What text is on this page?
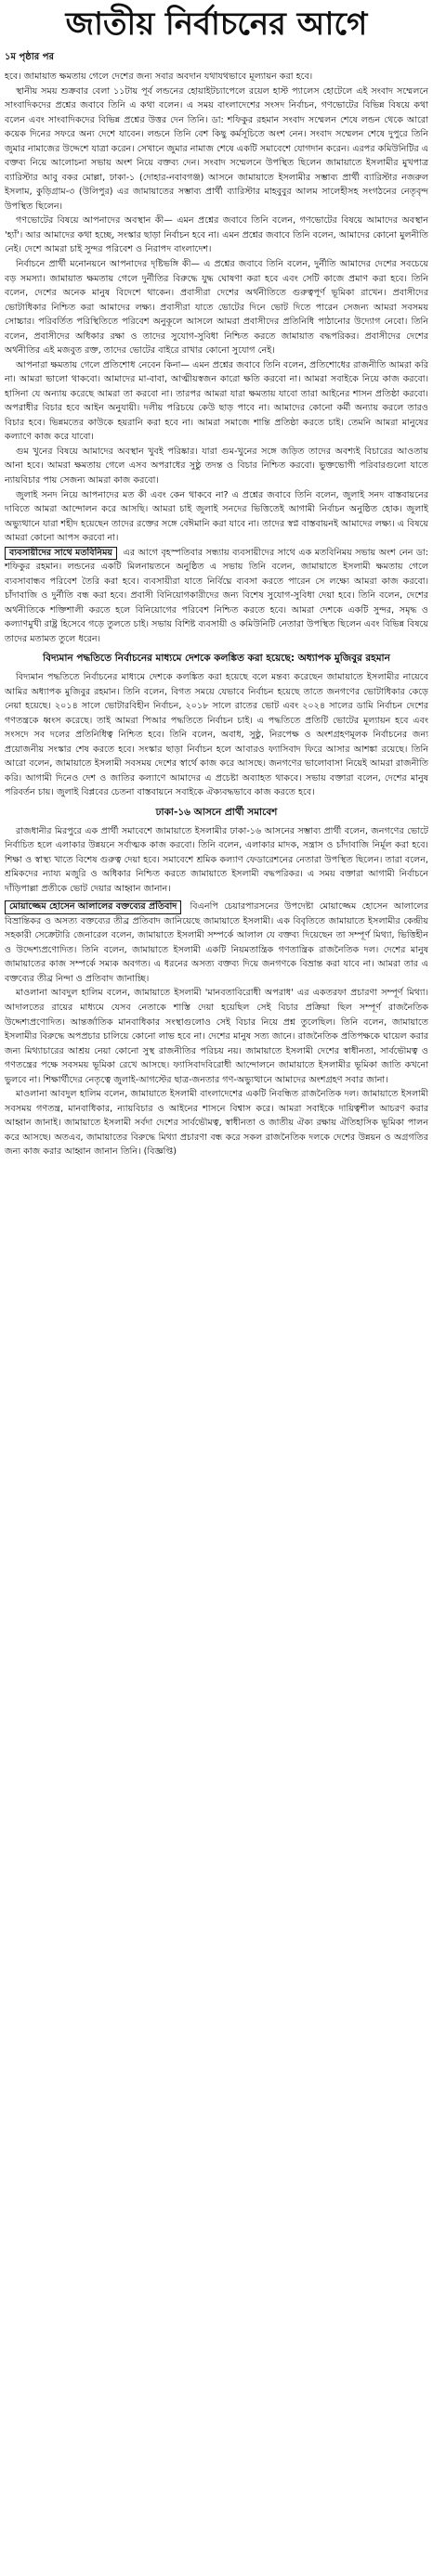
জাতীয় নির্বাচনের আগে
১ম পৃষ্ঠার পর

হবে। জামায়াত ক্ষমতায় গেলে দেশের জন্য সবার অবদান যথাযথভাবে মূল্যায়ন করা হবে।

স্থানীয় সময় শুক্রবার বেলা ১১টায় পূর্ব লন্ডনের হোয়াইটচ্যাপেলে রয়েল হাস্ট প্যালেস হোটেলে এই সংবাদ সম্মেলনে সাংবাদিকদের প্রশ্নের জবাবে তিনি এ কথা বলেন। এ সময় বাংলাদেশের সংসদ নির্বাচন, গণভোটের বিভিন্ন বিষয়ে কথা বলেন এবং সাংবাদিকদের বিভিন্ন প্রশ্নের উত্তর দেন তিনি। ডা: শফিকুর রহমান সংবাদ সম্মেলন শেষে লন্ডন থেকে আরো কয়েক দিনের সফরে অন্য দেশে যাবেন। লন্ডনে তিনি বেশ কিছু কর্মসূচিতে অংশ নেন। সংবাদ সম্মেলন শেষে দুপুরে তিনি জুমার নামাজের উদ্দেশে যাত্রা করেন। সেখানে জুমার নামাজ শেষে একটি সমাবেশে যোগদান করেন। এরপর কমিউনিটির এ বক্তব্য নিয়ে আলোচনা সভায় অংশ নিয়ে বক্তব্য দেন। সংবাদ সম্মেলনে উপস্থিত ছিলেন জামায়াতে ইসলামীর মুখপাত্র ব্যারিস্টার আবু বকর মোল্লা, ঢাকা-১ (দোহার-নবাবগঞ্জ) আসনে জামায়াতে ইসলামীর সম্ভাব্য প্রার্থী ব্যারিস্টার নজরুল ইসলাম, কুড়িগ্রাম-৩ (উলিপুর) এর জামায়াতের সম্ভাব্য প্রার্থী ব্যারিস্টার মাহবুবুর আলম সালেহীসহ সংগঠনের নেতৃবৃন্দ উপস্থিত ছিলেন।

গণভোটের বিষয়ে আপনাদের অবস্থান কী— এমন প্রশ্নের জবাবে তিনি বলেন, গণভোটের বিষয়ে আমাদের অবস্থান 'হ্যাঁ'। আর আমাদের কথা হচ্ছে, সংস্কার ছাড়া নির্বাচন হবে না। এমন প্রশ্নের জবাবে তিনি বলেন, আমাদের কোনো মুলনীতি নেই। দেশে আমরা চাই সুন্দর পরিবেশ ও নিরাপদ বাংলাদেশ।

নির্বাচনে প্রার্থী মনোনয়নে আপনাদের দৃষ্টিভঙ্গি কী— এ প্রশ্নের জবাবে তিনি বলেন, দুর্নীতি আমাদের দেশের সবচেয়ে বড় সমস্যা। জামায়াত ক্ষমতায় গেলে দুর্নীতির বিরুদ্ধে যুদ্ধ ঘোষণা করা হবে এবং সেটি কাজে প্রমাণ করা হবে। তিনি বলেন, দেশের অনেক মানুষ বিদেশে থাকেন। প্রবাসীরা দেশের অর্থনীতিতে গুরুত্বপূর্ণ ভূমিকা রাখেন। প্রবাসীদের ভোটাধিকার নিশ্চিত করা আমাদের লক্ষ্য। প্রবাসীরা যাতে ভোটের দিনে ভোট দিতে পারেন সেজন্য আমরা সবসময় সোচ্চার। পরিবর্তিত পরিস্থিতিতে পরিবেশ অনুকূলে আসলে আমরা প্রবাসীদের প্রতিনিধি পাঠানোর উদ্যোগ নেবো। তিনি বলেন, প্রবাসীদের অধিকার রক্ষা ও তাদের সুযোগ-সুবিধা নিশ্চিত করতে জামায়াত বদ্ধপরিকর। প্রবাসীদের দেশের অর্থনীতির এই মজবুত রক্ত, তাদের ভোটের বাইরে রাখার কোনো সুযোগ নেই।

আপনারা ক্ষমতায় গেলে প্রতিশোধ নেবেন কিনা— এমন প্রশ্নের জবাবে তিনি বলেন, প্রতিশোধের রাজনীতি আমরা করি না। আমরা ভালো থাকবো। আমাদের মা-বাবা, আত্মীয়স্বজন কারো ক্ষতি করবো না। আমরা সবাইকে নিয়ে কাজ করবো। হাসিনা যে অন্যায় করেছে আমরা তা করবো না। তারপর আমরা যারা ক্ষমতায় যাবো তারা আইনের শাসন প্রতিষ্ঠা করবো। অপরাধীর বিচার হবে আইন অনুযায়ী। দলীয় পরিচয়ে কেউ ছাড় পাবে না। আমাদের কোনো কর্মী অন্যায় করলে তারও বিচার হবে। ভিন্নমতের কাউকে হয়রানি করা হবে না। আমরা সমাজে শান্তি প্রতিষ্ঠা করতে চাই। তেমনি আমরা মানুষের কল্যাণে কাজ করে যাবো।

গুম খুনের বিষয়ে আমাদের অবস্থান খুবই পরিষ্কার। যারা গুম-খুনের সঙ্গে জড়িত তাদের অবশ্যই বিচারের আওতায় আনা হবে। আমরা ক্ষমতায় গেলে এসব অপরাধের সুষ্ঠু তদন্ত ও বিচার নিশ্চিত করবো। ভুক্তভোগী পরিবারগুলো যাতে ন্যায়বিচার পায় সেজন্য আমরা কাজ করবো।

জুলাই সনদ নিয়ে আপনাদের মত কী এবং কেন থাকবে না? এ প্রশ্নের জবাবে তিনি বলেন, জুলাই সনদ বাস্তবায়নের দাবিতে আমরা আন্দোলন করে আসছি। আমরা চাই জুলাই সনদের ভিত্তিতেই আগামী নির্বাচন অনুষ্ঠিত হোক। জুলাই অভ্যুত্থানে যারা শহীদ হয়েছেন তাদের রক্তের সঙ্গে বেঈমানি করা যাবে না। তাদের স্বপ্ন বাস্তবায়নই আমাদের লক্ষ্য। এ বিষয়ে আমরা কোনো আপস করবো না।

ব্যবসায়ীদের সাথে মতবিনিময় এর আগে বৃহস্পতিবার সন্ধ্যায় ব্যবসায়ীদের সাথে এক মতবিনিময় সভায় অংশ নেন ডা: শফিকুর রহমান। লন্ডনের একটি মিলনায়তনে অনুষ্ঠিত এ সভায় তিনি বলেন, জামায়াতে ইসলামী ক্ষমতায় গেলে ব্যবসাবান্ধব পরিবেশ তৈরি করা হবে। ব্যবসায়ীরা যাতে নির্বিঘ্নে ব্যবসা করতে পারেন সে লক্ষ্যে আমরা কাজ করবো। চাঁদাবাজি ও দুর্নীতি বন্ধ করা হবে। প্রবাসী বিনিয়োগকারীদের জন্য বিশেষ সুযোগ-সুবিধা দেয়া হবে। তিনি বলেন, দেশের অর্থনীতিকে শক্তিশালী করতে হলে বিনিয়োগের পরিবেশ নিশ্চিত করতে হবে। আমরা দেশকে একটি সুন্দর, সমৃদ্ধ ও কল্যাণমুখী রাষ্ট্র হিসেবে গড়ে তুলতে চাই। সভায় বিশিষ্ট ব্যবসায়ী ও কমিউনিটি নেতারা উপস্থিত ছিলেন এবং বিভিন্ন বিষয়ে তাদের মতামত তুলে ধরেন।

বিদ্যমান পদ্ধতিতে নির্বাচনের মাধ্যমে দেশকে কলঙ্কিত করা হয়েছে: অধ্যাপক মুজিবুর রহমান

বিদ্যমান পদ্ধতিতে নির্বাচনের মাধ্যমে দেশকে কলঙ্কিত করা হয়েছে বলে মন্তব্য করেছেন জামায়াতে ইসলামীর নায়েবে আমির অধ্যাপক মুজিবুর রহমান। তিনি বলেন, বিগত সময়ে যেভাবে নির্বাচন হয়েছে তাতে জনগণের ভোটাধিকার কেড়ে নেয়া হয়েছে। ২০১৪ সালে ভোটারবিহীন নির্বাচন, ২০১৮ সালে রাতের ভোট এবং ২০২৪ সালের ডামি নির্বাচন দেশের গণতন্ত্রকে ধ্বংস করেছে। তাই আমরা পিআর পদ্ধতিতে নির্বাচন চাই। এ পদ্ধতিতে প্রতিটি ভোটের মূল্যায়ন হবে এবং সংসদে সব দলের প্রতিনিধিত্ব নিশ্চিত হবে। তিনি বলেন, অবাধ, সুষ্ঠু, নিরপেক্ষ ও অংশগ্রহণমূলক নির্বাচনের জন্য প্রয়োজনীয় সংস্কার শেষ করতে হবে। সংস্কার ছাড়া নির্বাচন হলে আবারও ফ্যাসিবাদ ফিরে আসার আশঙ্কা রয়েছে। তিনি আরো বলেন, জামায়াতে ইসলামী সবসময় দেশের স্বার্থে কাজ করে আসছে। জনগণের ভালোবাসা নিয়েই আমরা রাজনীতি করি। আগামী দিনেও দেশ ও জাতির কল্যাণে আমাদের এ প্রচেষ্টা অব্যাহত থাকবে। সভায় বক্তারা বলেন, দেশের মানুষ পরিবর্তন চায়। জুলাই বিপ্লবের চেতনা বাস্তবায়নে সবাইকে ঐক্যবদ্ধভাবে কাজ করতে হবে।

ঢাকা-১৬ আসনে প্রার্থী সমাবেশ

রাজধানীর মিরপুরে এক প্রার্থী সমাবেশে জামায়াতে ইসলামীর ঢাকা-১৬ আসনের সম্ভাব্য প্রার্থী বলেন, জনগণের ভোটে নির্বাচিত হলে এলাকার উন্নয়নে সর্বাত্মক কাজ করবো। তিনি বলেন, এলাকার মাদক, সন্ত্রাস ও চাঁদাবাজি নির্মূল করা হবে। শিক্ষা ও স্বাস্থ্য খাতে বিশেষ গুরুত্ব দেয়া হবে। সমাবেশে শ্রমিক কল্যাণ ফেডারেশনের নেতারা উপস্থিত ছিলেন। তারা বলেন, শ্রমিকদের ন্যায্য মজুরি ও অধিকার নিশ্চিত করতে জামায়াতে ইসলামী বদ্ধপরিকর। এ সময় বক্তারা আগামী নির্বাচনে দাঁড়িপাল্লা প্রতীকে ভোট দেয়ার আহ্বান জানান।

মোয়াজ্জেম হোসেন আলালের বক্তব্যের প্রতিবাদ বিএনপি চেয়ারপারসনের উপদেষ্টা মোয়াজ্জেম হোসেন আলালের বিভ্রান্তিকর ও অসত্য বক্তব্যের তীব্র প্রতিবাদ জানিয়েছে জামায়াতে ইসলামী। এক বিবৃতিতে জামায়াতে ইসলামীর কেন্দ্রীয় সহকারী সেক্রেটারি জেনারেল বলেন, জামায়াতে ইসলামী সম্পর্কে আলাল যে বক্তব্য দিয়েছেন তা সম্পূর্ণ মিথ্যা, ভিত্তিহীন ও উদ্দেশ্যপ্রণোদিত। তিনি বলেন, জামায়াতে ইসলামী একটি নিয়মতান্ত্রিক গণতান্ত্রিক রাজনৈতিক দল। দেশের মানুষ জামায়াতের কাজ সম্পর্কে সম্যক অবগত। এ ধরনের অসত্য বক্তব্য দিয়ে জনগণকে বিভ্রান্ত করা যাবে না। আমরা তার এ বক্তব্যের তীব্র নিন্দা ও প্রতিবাদ জানাচ্ছি।

মাওলানা আবদুল হালিম বলেন, জামায়াতে ইসলামী 'মানবতাবিরোধী অপরাধ' এর একতরফা প্রচারণা সম্পূর্ণ মিথ্যা। আদালতের রায়ের মাধ্যমে যেসব নেতাকে শাস্তি দেয়া হয়েছিল সেই বিচার প্রক্রিয়া ছিল সম্পূর্ণ রাজনৈতিক উদ্দেশ্যপ্রণোদিত। আন্তর্জাতিক মানবাধিকার সংস্থাগুলোও সেই বিচার নিয়ে প্রশ্ন তুলেছিল। তিনি বলেন, জামায়াতে ইসলামীর বিরুদ্ধে অপপ্রচার চালিয়ে কোনো লাভ হবে না। দেশের মানুষ সত্য জানে। রাজনৈতিক প্রতিপক্ষকে ঘায়েল করার জন্য মিথ্যাচারের আশ্রয় নেয়া কোনো সুস্থ রাজনীতির পরিচয় নয়। জামায়াতে ইসলামী দেশের স্বাধীনতা, সার্বভৌমত্ব ও গণতন্ত্রের পক্ষে সবসময় ভূমিকা রেখে আসছে। ফ্যাসিবাদবিরোধী আন্দোলনে জামায়াতে ইসলামীর ভূমিকা জাতি কখনো ভুলবে না। শিক্ষার্থীদের নেতৃত্বে জুলাই-আগস্টের ছাত্র-জনতার গণ-অভ্যুত্থানে আমাদের অংশগ্রহণ সবার জানা।

মাওলানা আবদুল হালিম বলেন, জামায়াতে ইসলামী বাংলাদেশের একটি নিবন্ধিত রাজনৈতিক দল। জামায়াতে ইসলামী সবসময় গণতন্ত্র, মানবাধিকার, ন্যায়বিচার ও আইনের শাসনে বিশ্বাস করে। আমরা সবাইকে দায়িত্বশীল আচরণ করার আহ্বান জানাই। জামায়াতে ইসলামী সর্বদা দেশের সার্বভৌমত্ব, স্বাধীনতা ও জাতীয় ঐক্য রক্ষায় ঐতিহাসিক ভূমিকা পালন করে আসছে। অতএব, জামায়াতের বিরুদ্ধে মিথ্যা প্রচারণা বন্ধ করে সকল রাজনৈতিক দলকে দেশের উন্নয়ন ও অগ্রগতির জন্য কাজ করার আহ্বান জানান তিনি। (বিজ্ঞপ্তি)
